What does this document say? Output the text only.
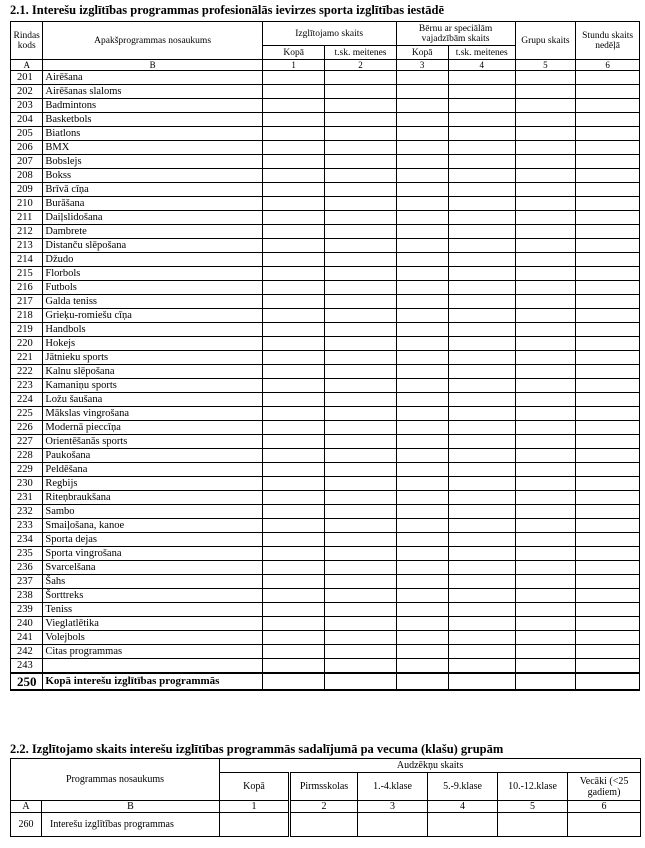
2.1. Interešu izglītības programmas profesionālās ievirzes sporta izglītības iestādē
Rindas kods	Apakšprogrammas nosaukums	Izglītojamo skaits		Bērnu ar speciālām vajadzībām skaits		Grupu skaits	Stundu skaits nedēļā
		Kopā	t.sk. meitenes	Kopā	t.sk. meitenes		
A	B	1	2	3	4	5	6
201	Airēšana						
202	Airēšanas slaloms						
203	Badmintons						
204	Basketbols						
205	Biatlons						
206	BMX						
207	Bobslejs						
208	Bokss						
209	Brīvā cīņa						
210	Burāšana						
211	Daiļslidošana						
212	Dambrete						
213	Distanču slēpošana						
214	Džudo						
215	Florbols						
216	Futbols						
217	Galda teniss						
218	Grieķu-romiešu cīņa						
219	Handbols						
220	Hokejs						
221	Jātnieku sports						
222	Kalnu slēpošana						
223	Kamaniņu sports						
224	Ložu šaušana						
225	Mākslas vingrošana						
226	Modernā pieccīņa						
227	Orientēšanās sports						
228	Paukošana						
229	Peldēšana						
230	Regbijs						
231	Riteņbraukšana						
232	Sambo						
233	Smaiļošana, kanoe						
234	Sporta dejas						
235	Sporta vingrošana						
236	Svarcelšana						
237	Šahs						
238	Šorttreks						
239	Teniss						
240	Vieglatlētika						
241	Volejbols						
242	Citas programmas						
243							
250	Kopā interešu izglītības programmās						
2.2. Izglītojamo skaits interešu izglītības programmās sadalījumā pa vecuma (klašu) grupām
Programmas nosaukums		Audzēkņu skaits					
		Kopā	Pirmsskolas	1.-4.klase	5.-9.klase	10.-12.klase	Vecāki (<25 gadiem)
A	B	1	2	3	4	5	6
260	Interešu izglītības programmas						
